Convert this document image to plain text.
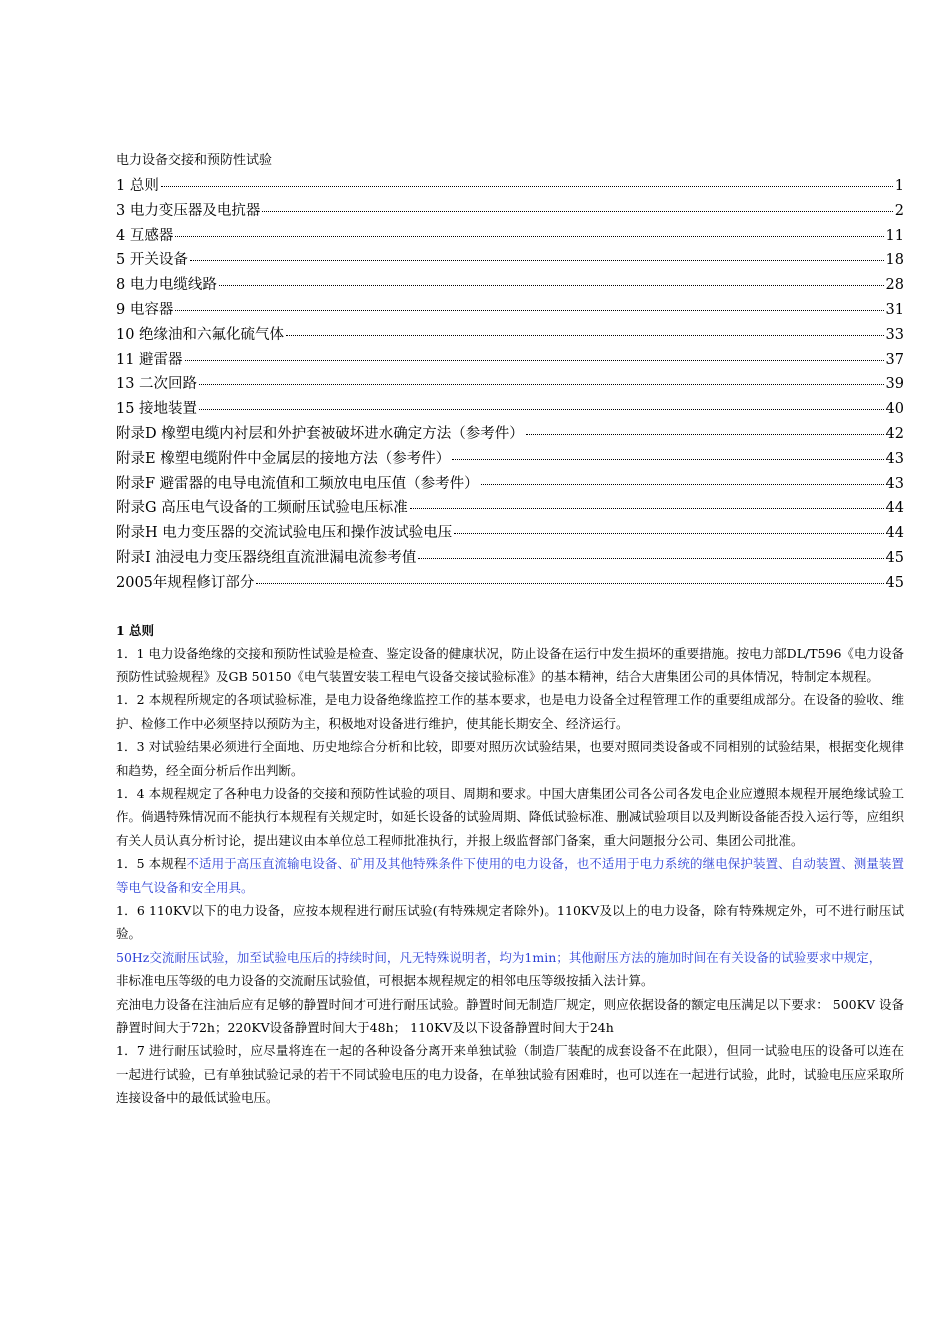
电力设备交接和预防性试验
1 总则	1
3 电力变压器及电抗器	2
4 互感器	11
5 开关设备	18
8 电力电缆线路	28
9 电容器	31
10 绝缘油和六氟化硫气体	33
11 避雷器	37
13 二次回路	39
15 接地装置	40
附录D 橡塑电缆内衬层和外护套被破坏进水确定方法（参考件）	42
附录E 橡塑电缆附件中金属层的接地方法（参考件）	43
附录F 避雷器的电导电流值和工频放电电压值（参考件）	43
附录G 高压电气设备的工频耐压试验电压标准	44
附录H 电力变压器的交流试验电压和操作波试验电压	44
附录I 油浸电力变压器绕组直流泄漏电流参考值	45
2005年规程修订部分	45

1 总则

1．1 电力设备绝缘的交接和预防性试验是检查、鉴定设备的健康状况，防止设备在运行中发生损坏的重要措施。按电力部DL/T596《电力设备预防性试验规程》及GB 50150《电气装置安装工程电气设备交接试验标准》的基本精神，结合大唐集团公司的具体情况，特制定本规程。

1．2 本规程所规定的各项试验标准，是电力设备绝缘监控工作的基本要求，也是电力设备全过程管理工作的重要组成部分。在设备的验收、维护、检修工作中必须坚持以预防为主，积极地对设备进行维护，使其能长期安全、经济运行。

1．3 对试验结果必须进行全面地、历史地综合分析和比较，即要对照历次试验结果，也要对照同类设备或不同相别的试验结果，根据变化规律和趋势，经全面分析后作出判断。

1．4 本规程规定了各种电力设备的交接和预防性试验的项目、周期和要求。中国大唐集团公司各公司各发电企业应遵照本规程开展绝缘试验工作。倘遇特殊情况而不能执行本规程有关规定时，如延长设备的试验周期、降低试验标准、删减试验项目以及判断设备能否投入运行等，应组织有关人员认真分析讨论，提出建议由本单位总工程师批准执行，并报上级监督部门备案，重大问题报分公司、集团公司批准。

1．5 本规程不适用于高压直流输电设备、矿用及其他特殊条件下使用的电力设备，也不适用于电力系统的继电保护装置、自动装置、测量装置等电气设备和安全用具。

1．6 110KV以下的电力设备，应按本规程进行耐压试验(有特殊规定者除外)。110KV及以上的电力设备，除有特殊规定外，可不进行耐压试验。

50Hz交流耐压试验，加至试验电压后的持续时间，凡无特殊说明者，均为1min；其他耐压方法的施加时间在有关设备的试验要求中规定，

非标准电压等级的电力设备的交流耐压试验值，可根据本规程规定的相邻电压等级按插入法计算。

充油电力设备在注油后应有足够的静置时间才可进行耐压试验。静置时间无制造厂规定，则应依据设备的额定电压满足以下要求： 500KV 设备静置时间大于72h；220KV设备静置时间大于48h； 110KV及以下设备静置时间大于24h

1．7 进行耐压试验时，应尽量将连在一起的各种设备分离开来单独试验（制造厂装配的成套设备不在此限），但同一试验电压的设备可以连在一起进行试验，已有单独试验记录的若干不同试验电压的电力设备，在单独试验有困难时，也可以连在一起进行试验，此时，试验电压应采取所连接设备中的最低试验电压。
